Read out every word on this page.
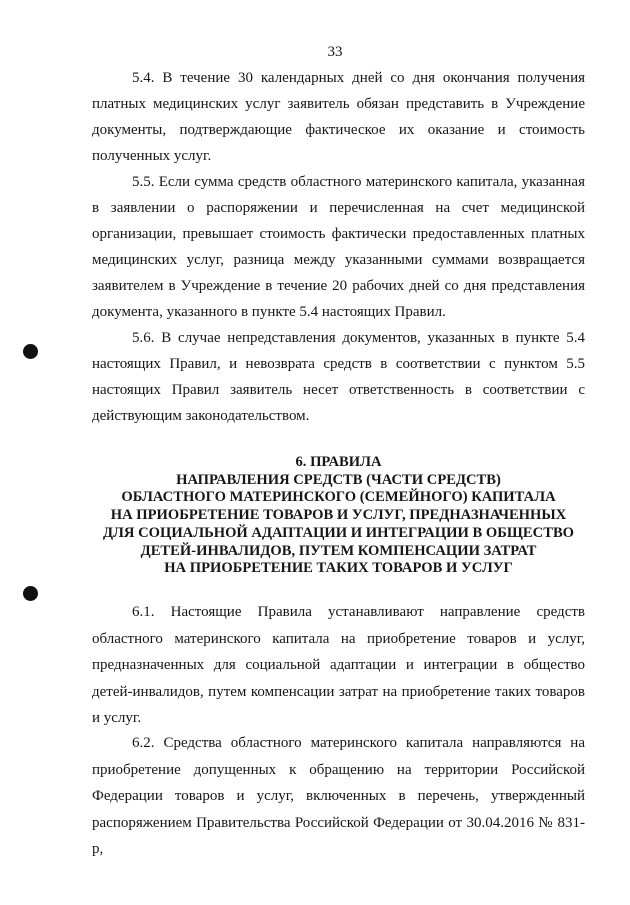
33

5.4. В течение 30 календарных дней со дня окончания получения платных медицинских услуг заявитель обязан представить в Учреждение документы, подтверждающие фактическое их оказание и стоимость полученных услуг.

5.5. Если сумма средств областного материнского капитала, указанная в заявлении о распоряжении и перечисленная на счет медицинской организации, превышает стоимость фактически предоставленных платных медицинских услуг, разница между указанными суммами возвращается заявителем в Учреждение в течение 20 рабочих дней со дня представления документа, указанного в пункте 5.4 настоящих Правил.

5.6. В случае непредставления документов, указанных в пункте 5.4 настоящих Правил, и невозврата средств в соответствии с пунктом 5.5 настоящих Правил заявитель несет ответственность в соответствии с действующим законодательством.

6. ПРАВИЛА
НАПРАВЛЕНИЯ СРЕДСТВ (ЧАСТИ СРЕДСТВ)
ОБЛАСТНОГО МАТЕРИНСКОГО (СЕМЕЙНОГО) КАПИТАЛА
НА ПРИОБРЕТЕНИЕ ТОВАРОВ И УСЛУГ, ПРЕДНАЗНАЧЕННЫХ
ДЛЯ СОЦИАЛЬНОЙ АДАПТАЦИИ И ИНТЕГРАЦИИ В ОБЩЕСТВО
ДЕТЕЙ-ИНВАЛИДОВ, ПУТЕМ КОМПЕНСАЦИИ ЗАТРАТ
НА ПРИОБРЕТЕНИЕ ТАКИХ ТОВАРОВ И УСЛУГ

6.1. Настоящие Правила устанавливают направление средств областного материнского капитала на приобретение товаров и услуг, предназначенных для социальной адаптации и интеграции в общество детей-инвалидов, путем компенсации затрат на приобретение таких товаров и услуг.

6.2. Средства областного материнского капитала направляются на приобретение допущенных к обращению на территории Российской Федерации товаров и услуг, включенных в перечень, утвержденный распоряжением Правительства Российской Федерации от 30.04.2016 № 831-р,
